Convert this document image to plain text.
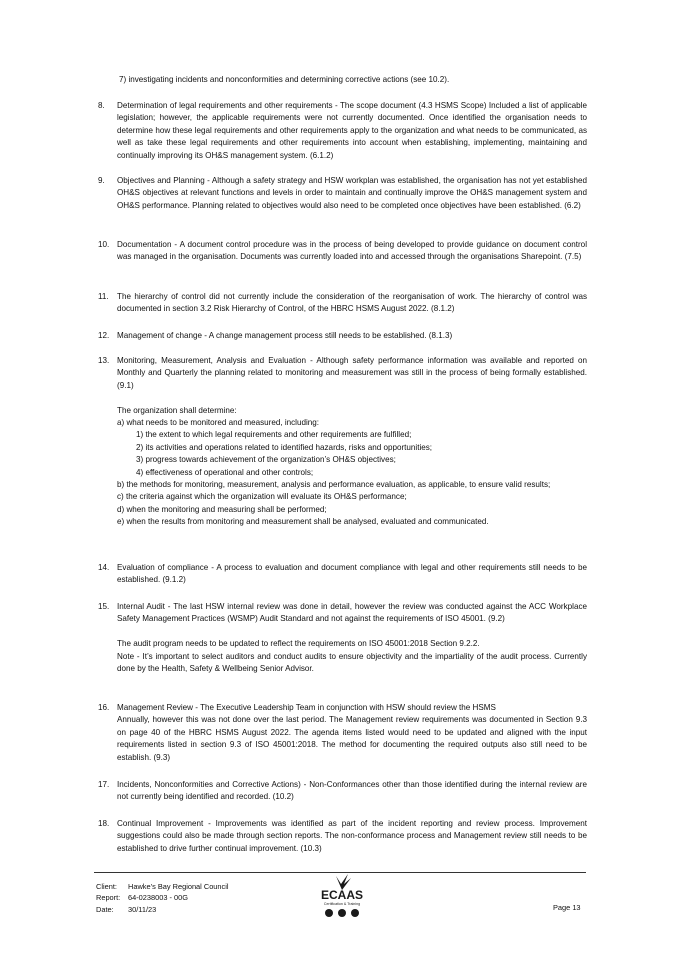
7) investigating incidents and nonconformities and determining corrective actions (see 10.2).
8.	Determination of legal requirements and other requirements - The scope document (4.3 HSMS Scope) Included a list of applicable legislation; however, the applicable requirements were not currently documented. Once identified the organisation needs to determine how these legal requirements and other requirements apply to the organization and what needs to be communicated, as well as take these legal requirements and other requirements into account when establishing, implementing, maintaining and continually improving its OH&S management system. (6.1.2)
9.	Objectives and Planning - Although a safety strategy and HSW workplan was established, the organisation has not yet established OH&S objectives at relevant functions and levels in order to maintain and continually improve the OH&S management system and OH&S performance. Planning related to objectives would also need to be completed once objectives have been established. (6.2)
10. Documentation - A document control procedure was in the process of being developed to provide guidance on document control was managed in the organisation. Documents was currently loaded into and accessed through the organisations Sharepoint. (7.5)
11.	The hierarchy of control did not currently include the consideration of the reorganisation of work. The hierarchy of control was documented in section 3.2 Risk Hierarchy of Control, of the HBRC HSMS August 2022. (8.1.2)
12. Management of change - A change management process still needs to be established. (8.1.3)
13. Monitoring, Measurement, Analysis and Evaluation - Although safety performance information was available and reported on Monthly and Quarterly the planning related to monitoring and measurement was still in the process of being formally established. (9.1)
The organization shall determine:
a) what needs to be monitored and measured, including:
1) the extent to which legal requirements and other requirements are fulfilled;
2) its activities and operations related to identified hazards, risks and opportunities;
3) progress towards achievement of the organization’s OH&S objectives;
4) effectiveness of operational and other controls;
b) the methods for monitoring, measurement, analysis and performance evaluation, as applicable, to ensure valid results;
c) the criteria against which the organization will evaluate its OH&S performance;
d) when the monitoring and measuring shall be performed;
e) when the results from monitoring and measurement shall be analysed, evaluated and communicated.
14. Evaluation of compliance - A process to evaluation and document compliance with legal and other requirements still needs to be established. (9.1.2)
15. Internal Audit - The last HSW internal review was done in detail, however the review was conducted against the ACC Workplace Safety Management Practices (WSMP) Audit Standard and not against the requirements of ISO 45001. (9.2)
The audit program needs to be updated to reflect the requirements on ISO 45001:2018 Section 9.2.2.
Note - It’s important to select auditors and conduct audits to ensure objectivity and the impartiality of the audit process. Currently done by the Health, Safety & Wellbeing Senior Advisor.
16. Management Review - The Executive Leadership Team in conjunction with HSW should review the HSMS
Annually, however this was not done over the last period. The Management review requirements was documented in Section 9.3 on page 40 of the HBRC HSMS August 2022. The agenda items listed would need to be updated and aligned with the input requirements listed in section 9.3 of ISO 45001:2018. The method for documenting the required outputs also still need to be establish. (9.3)
17. Incidents, Nonconformities and Corrective Actions) - Non-Conformances other than those identified during the internal review are not currently being identified and recorded. (10.2)
18. Continual Improvement - Improvements was identified as part of the incident reporting and review process. Improvement suggestions could also be made through section reports. The non-conformance process and Management review still needs to be established to drive further continual improvement. (10.3)
Client: Hawke’s Bay Regional Council
Report: 64-0238003 - 00G
Date: 30/11/23
ECAAS
Certification & Training	Page 13
